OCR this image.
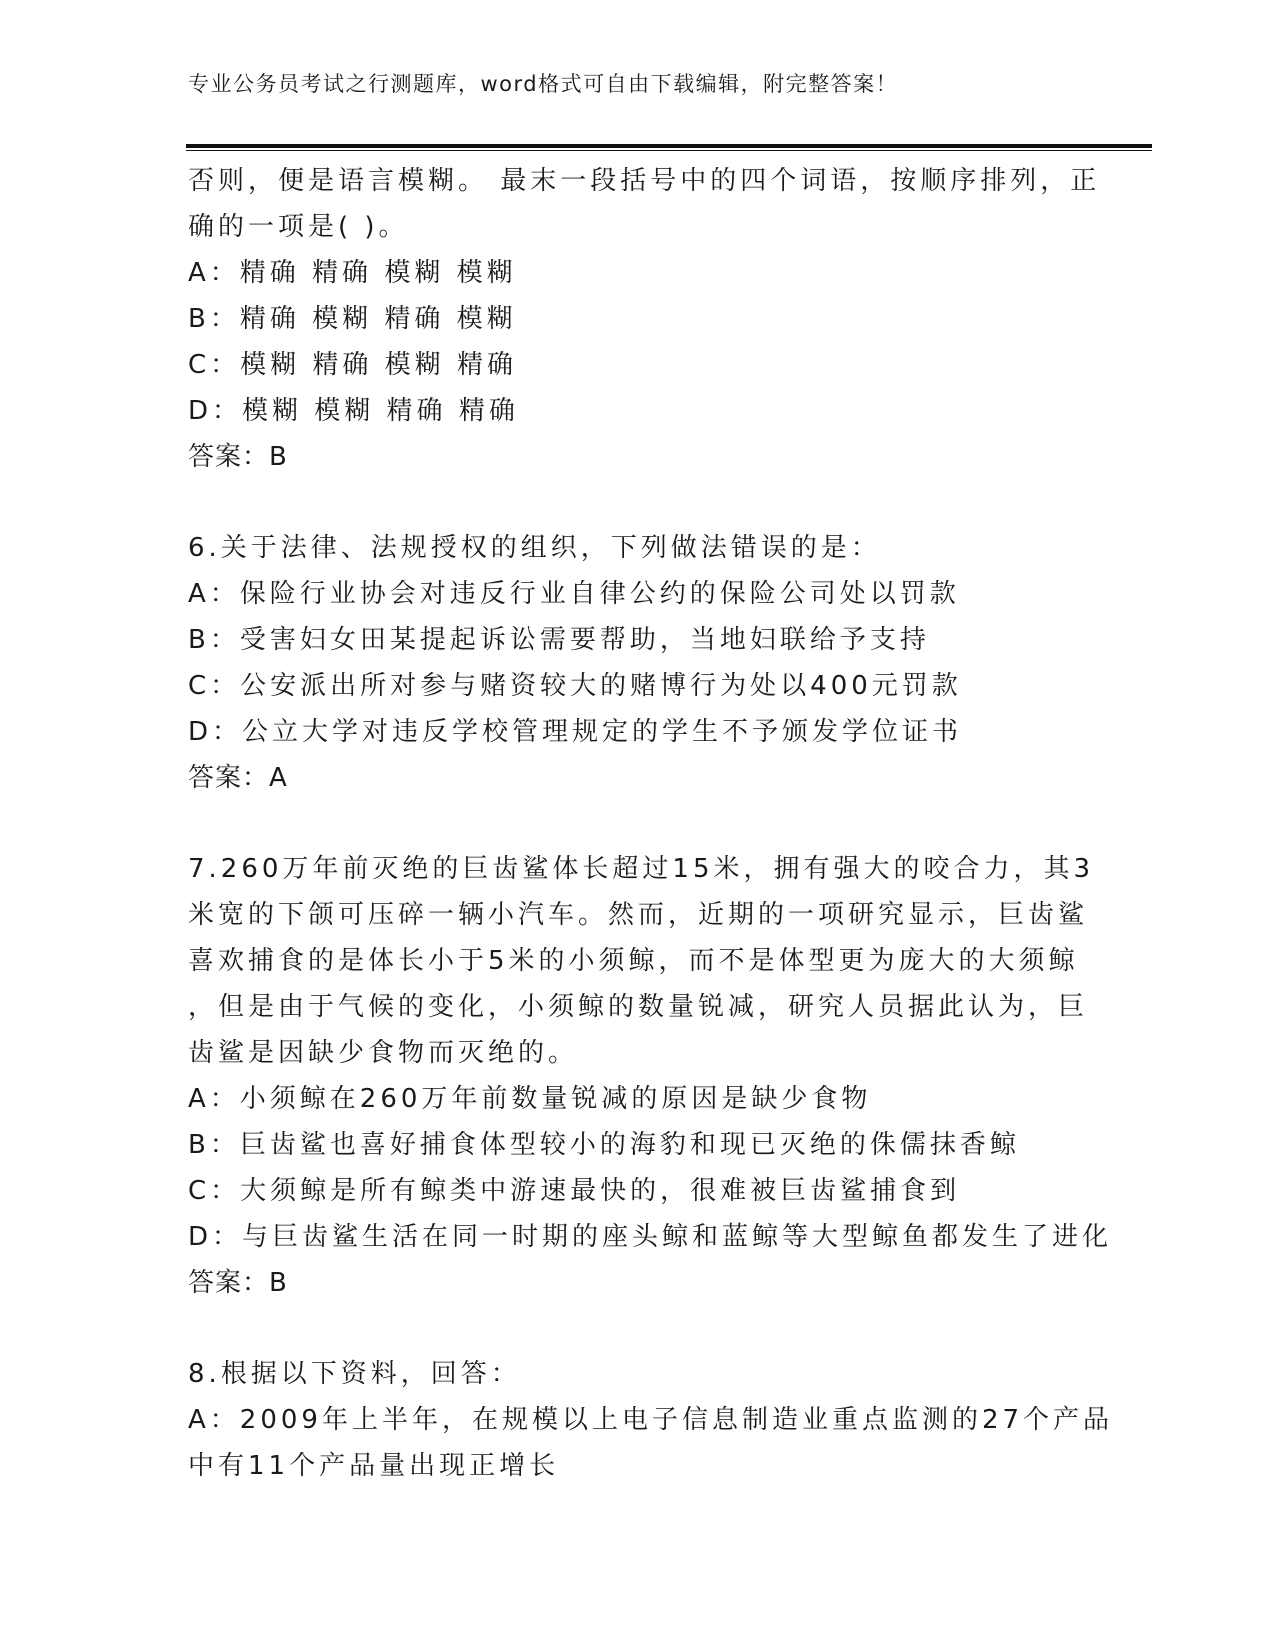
专业公务员考试之行测题库，word格式可自由下载编辑，附完整答案！
否则，便是语言模糊。 最末一段括号中的四个词语，按顺序排列，正
确的一项是( )。
A：精确 精确 模糊 模糊
B：精确 模糊 精确 模糊
C：模糊 精确 模糊 精确
D：模糊 模糊 精确 精确
答案：B
6.关于法律、法规授权的组织，下列做法错误的是：
A：保险行业协会对违反行业自律公约的保险公司处以罚款
B：受害妇女田某提起诉讼需要帮助，当地妇联给予支持
C：公安派出所对参与赌资较大的赌博行为处以400元罚款
D：公立大学对违反学校管理规定的学生不予颁发学位证书
答案：A
7.260万年前灭绝的巨齿鲨体长超过15米，拥有强大的咬合力，其3
米宽的下颌可压碎一辆小汽车。然而，近期的一项研究显示，巨齿鲨
喜欢捕食的是体长小于5米的小须鲸，而不是体型更为庞大的大须鲸
，但是由于气候的变化，小须鲸的数量锐减，研究人员据此认为，巨
齿鲨是因缺少食物而灭绝的。
A：小须鲸在260万年前数量锐减的原因是缺少食物
B：巨齿鲨也喜好捕食体型较小的海豹和现已灭绝的侏儒抹香鲸
C：大须鲸是所有鲸类中游速最快的，很难被巨齿鲨捕食到
D：与巨齿鲨生活在同一时期的座头鲸和蓝鲸等大型鲸鱼都发生了进化
答案：B
8.根据以下资料，回答：
A：2009年上半年，在规模以上电子信息制造业重点监测的27个产品
中有11个产品量出现正增长
